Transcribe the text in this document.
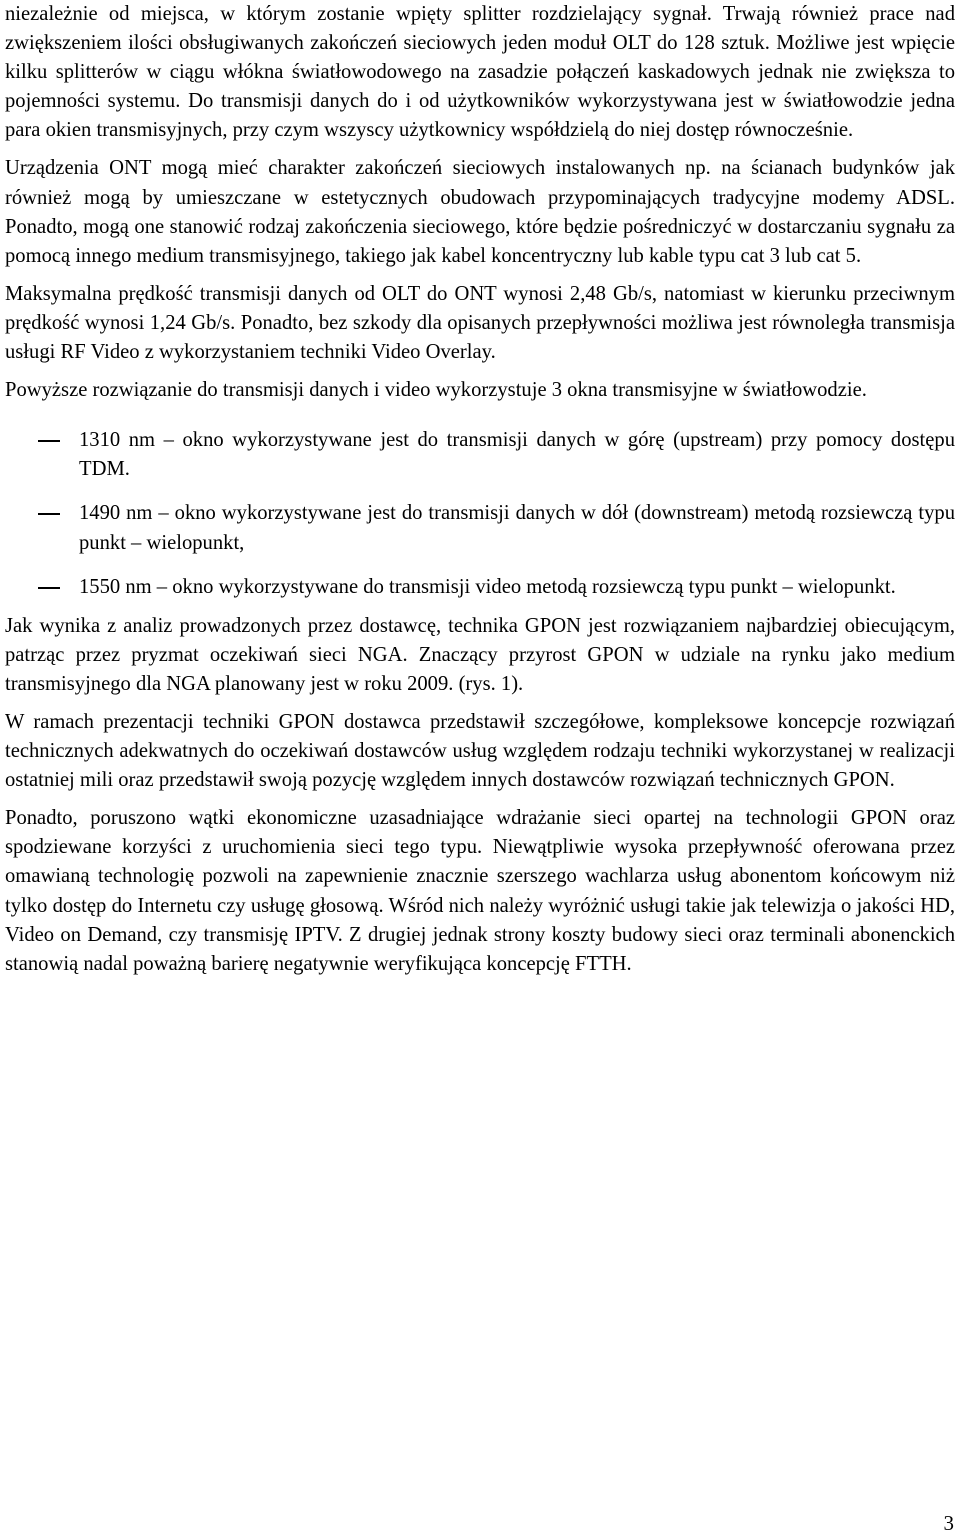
niezależnie od miejsca, w którym zostanie wpięty splitter rozdzielający sygnał. Trwają również prace nad zwiększeniem ilości obsługiwanych zakończeń sieciowych jeden moduł OLT do 128 sztuk. Możliwe jest wpięcie kilku splitterów w ciągu włókna światłowodowego na zasadzie połączeń kaskadowych jednak nie zwiększa to pojemności systemu. Do transmisji danych do i od użytkowników wykorzystywana jest w światłowodzie jedna para okien transmisyjnych, przy czym wszyscy użytkownicy współdzielą do niej dostęp równocześnie.

Urządzenia ONT mogą mieć charakter zakończeń sieciowych instalowanych np. na ścianach budynków jak również mogą by umieszczane w estetycznych obudowach przypominających tradycyjne modemy ADSL. Ponadto, mogą one stanowić rodzaj zakończenia sieciowego, które będzie pośredniczyć w dostarczaniu sygnału za pomocą innego medium transmisyjnego, takiego jak kabel koncentryczny lub kable typu cat 3 lub cat 5.

Maksymalna prędkość transmisji danych od OLT do ONT wynosi 2,48 Gb/s, natomiast w kierunku przeciwnym prędkość wynosi 1,24 Gb/s. Ponadto, bez szkody dla opisanych przepływności możliwa jest równoległa transmisja usługi RF Video z wykorzystaniem techniki Video Overlay.

Powyższe rozwiązanie do transmisji danych i video wykorzystuje 3 okna transmisyjne w światłowodzie.

1310 nm – okno wykorzystywane jest do transmisji danych w górę (upstream) przy pomocy dostępu TDM.
1490 nm – okno wykorzystywane jest do transmisji danych w dół (downstream) metodą rozsiewczą typu punkt – wielopunkt,
1550 nm – okno wykorzystywane do transmisji video metodą rozsiewczą typu punkt – wielopunkt.

Jak wynika z analiz prowadzonych przez dostawcę, technika GPON jest rozwiązaniem najbardziej obiecującym, patrząc przez pryzmat oczekiwań sieci NGA. Znaczący przyrost GPON w udziale na rynku jako medium transmisyjnego dla NGA planowany jest w roku 2009. (rys. 1).

W ramach prezentacji techniki GPON dostawca przedstawił szczegółowe, kompleksowe koncepcje rozwiązań technicznych adekwatnych do oczekiwań dostawców usług względem rodzaju techniki wykorzystanej w realizacji ostatniej mili oraz przedstawił swoją pozycję względem innych dostawców rozwiązań technicznych GPON.

Ponadto, poruszono wątki ekonomiczne uzasadniające wdrażanie sieci opartej na technologii GPON oraz spodziewane korzyści z uruchomienia sieci tego typu. Niewątpliwie wysoka przepływność oferowana przez omawianą technologię pozwoli na zapewnienie znacznie szerszego wachlarza usług abonentom końcowym niż tylko dostęp do Internetu czy usługę głosową. Wśród nich należy wyróżnić usługi takie jak telewizja o jakości HD, Video on Demand, czy transmisję IPTV. Z drugiej jednak strony koszty budowy sieci oraz terminali abonenckich stanowią nadal poważną barierę negatywnie weryfikująca koncepcję FTTH.

3
